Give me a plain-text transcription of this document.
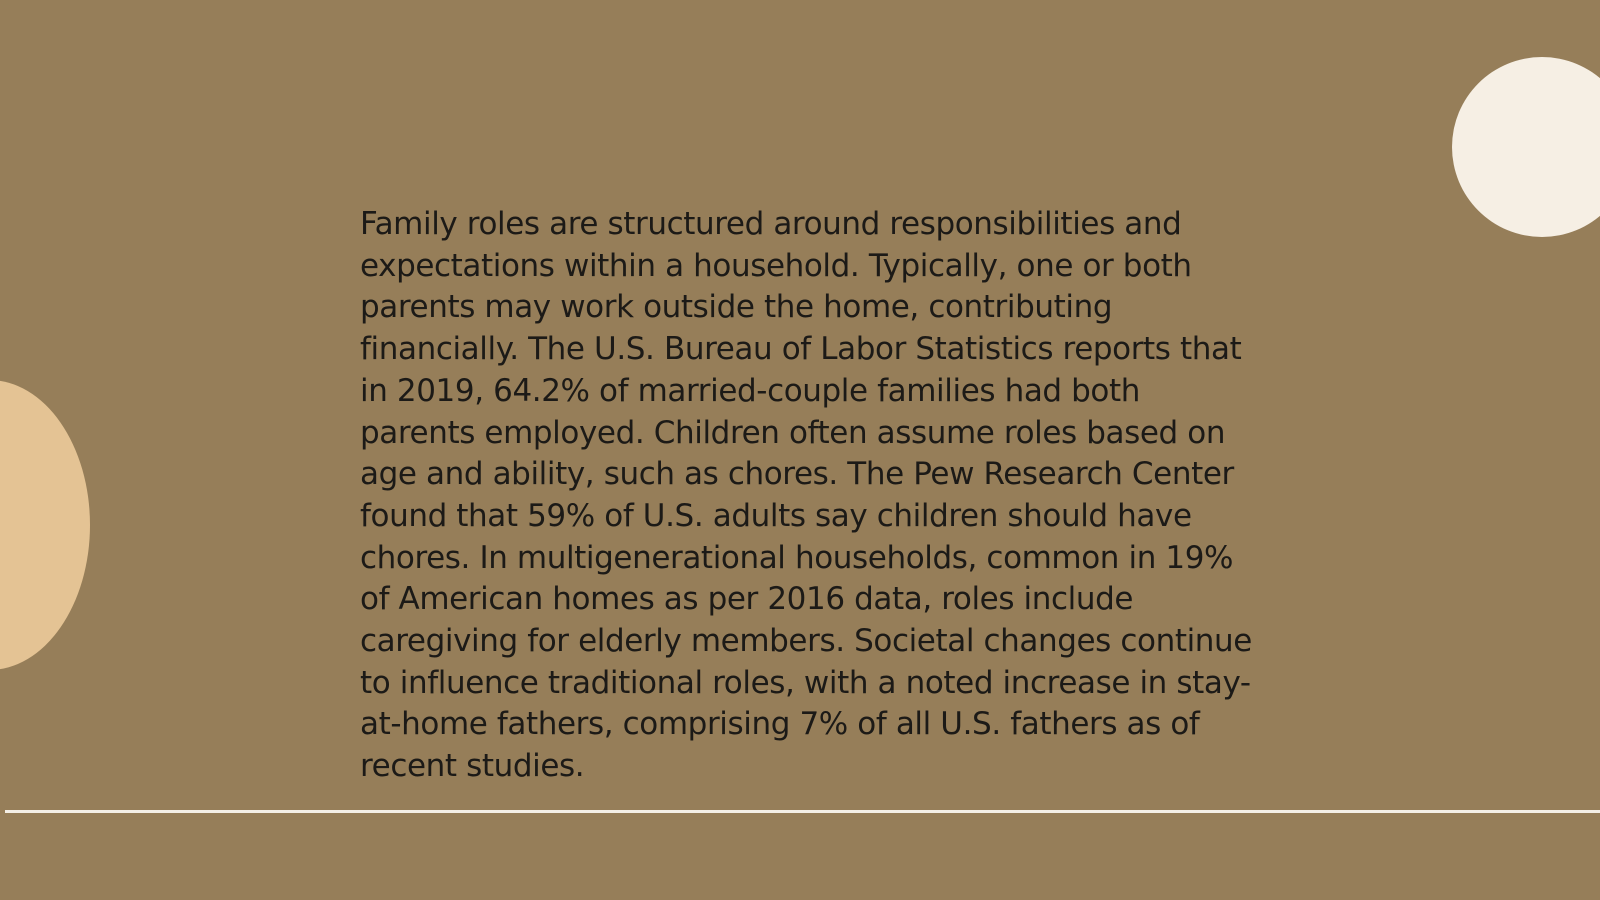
Family roles are structured around responsibilities and expectations within a household. Typically, one or both parents may work outside the home, contributing financially. The U.S. Bureau of Labor Statistics reports that in 2019, 64.2% of married-couple families had both parents employed. Children often assume roles based on age and ability, such as chores. The Pew Research Center found that 59% of U.S. adults say children should have chores. In multigenerational households, common in 19% of American homes as per 2016 data, roles include caregiving for elderly members. Societal changes continue to influence traditional roles, with a noted increase in stay-at-home fathers, comprising 7% of all U.S. fathers as of recent studies.
